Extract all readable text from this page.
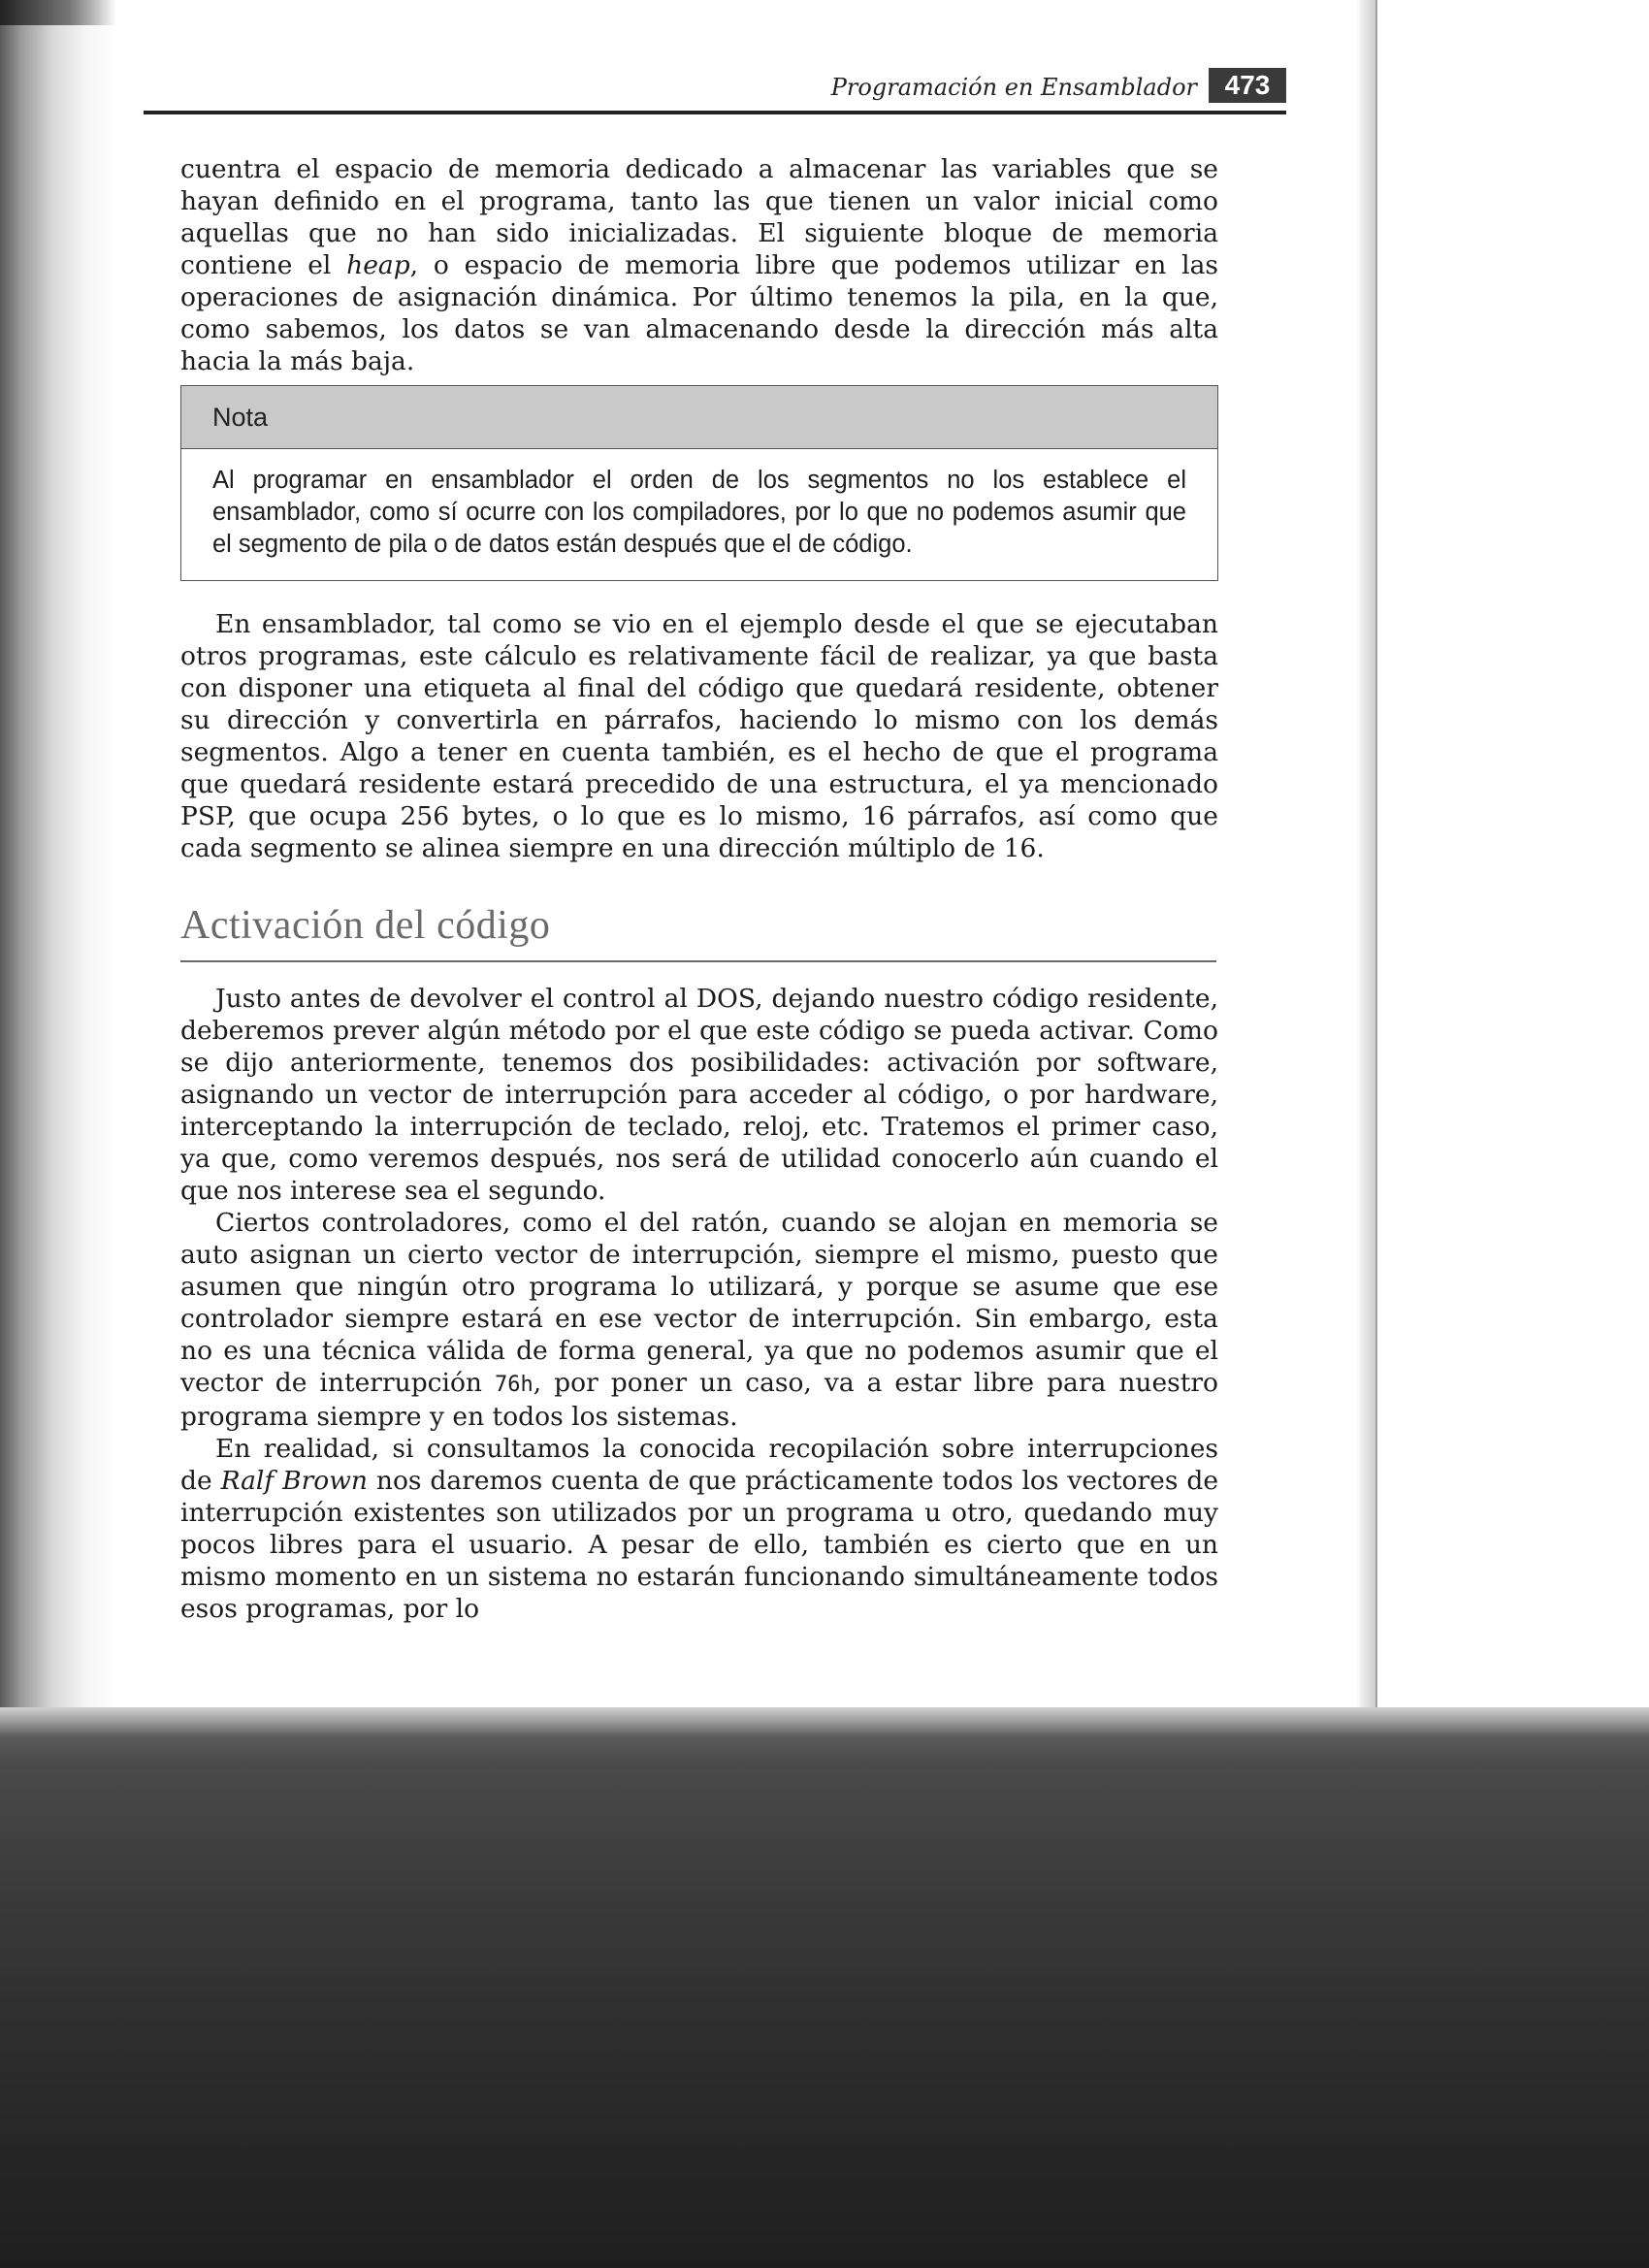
Programación en Ensamblador	473

cuentra el espacio de memoria dedicado a almacenar las variables que se hayan definido en el programa, tanto las que tienen un valor inicial como aquellas que no han sido inicializadas. El siguiente bloque de memoria contiene el heap, o espacio de memoria libre que podemos utilizar en las operaciones de asignación dinámica. Por último tenemos la pila, en la que, como sabemos, los datos se van almacenando desde la dirección más alta hacia la más baja.

Nota
Al programar en ensamblador el orden de los segmentos no los establece el ensamblador, como sí ocurre con los compiladores, por lo que no podemos asumir que el segmento de pila o de datos están después que el de código.

En ensamblador, tal como se vio en el ejemplo desde el que se ejecutaban otros programas, este cálculo es relativamente fácil de realizar, ya que basta con disponer una etiqueta al final del código que quedará residente, obtener su dirección y convertirla en párrafos, haciendo lo mismo con los demás segmentos. Algo a tener en cuenta también, es el hecho de que el programa que quedará residente estará precedido de una estructura, el ya mencionado PSP, que ocupa 256 bytes, o lo que es lo mismo, 16 párrafos, así como que cada segmento se alinea siempre en una dirección múltiplo de 16.

Activación del código

Justo antes de devolver el control al DOS, dejando nuestro código residente, deberemos prever algún método por el que este código se pueda activar. Como se dijo anteriormente, tenemos dos posibilidades: activación por software, asignando un vector de interrupción para acceder al código, o por hardware, interceptando la interrupción de teclado, reloj, etc. Tratemos el primer caso, ya que, como veremos después, nos será de utilidad conocerlo aún cuando el que nos interese sea el segundo.

Ciertos controladores, como el del ratón, cuando se alojan en memoria se auto asignan un cierto vector de interrupción, siempre el mismo, puesto que asumen que ningún otro programa lo utilizará, y porque se asume que ese controlador siempre estará en ese vector de interrupción. Sin embargo, esta no es una técnica válida de forma general, ya que no podemos asumir que el vector de interrupción 76h, por poner un caso, va a estar libre para nuestro programa siempre y en todos los sistemas.

En realidad, si consultamos la conocida recopilación sobre interrupciones de Ralf Brown nos daremos cuenta de que prácticamente todos los vectores de interrupción existentes son utilizados por un programa u otro, quedando muy pocos libres para el usuario. A pesar de ello, también es cierto que en un mismo momento en un sistema no estarán funcionando simultáneamente todos esos programas, por lo
